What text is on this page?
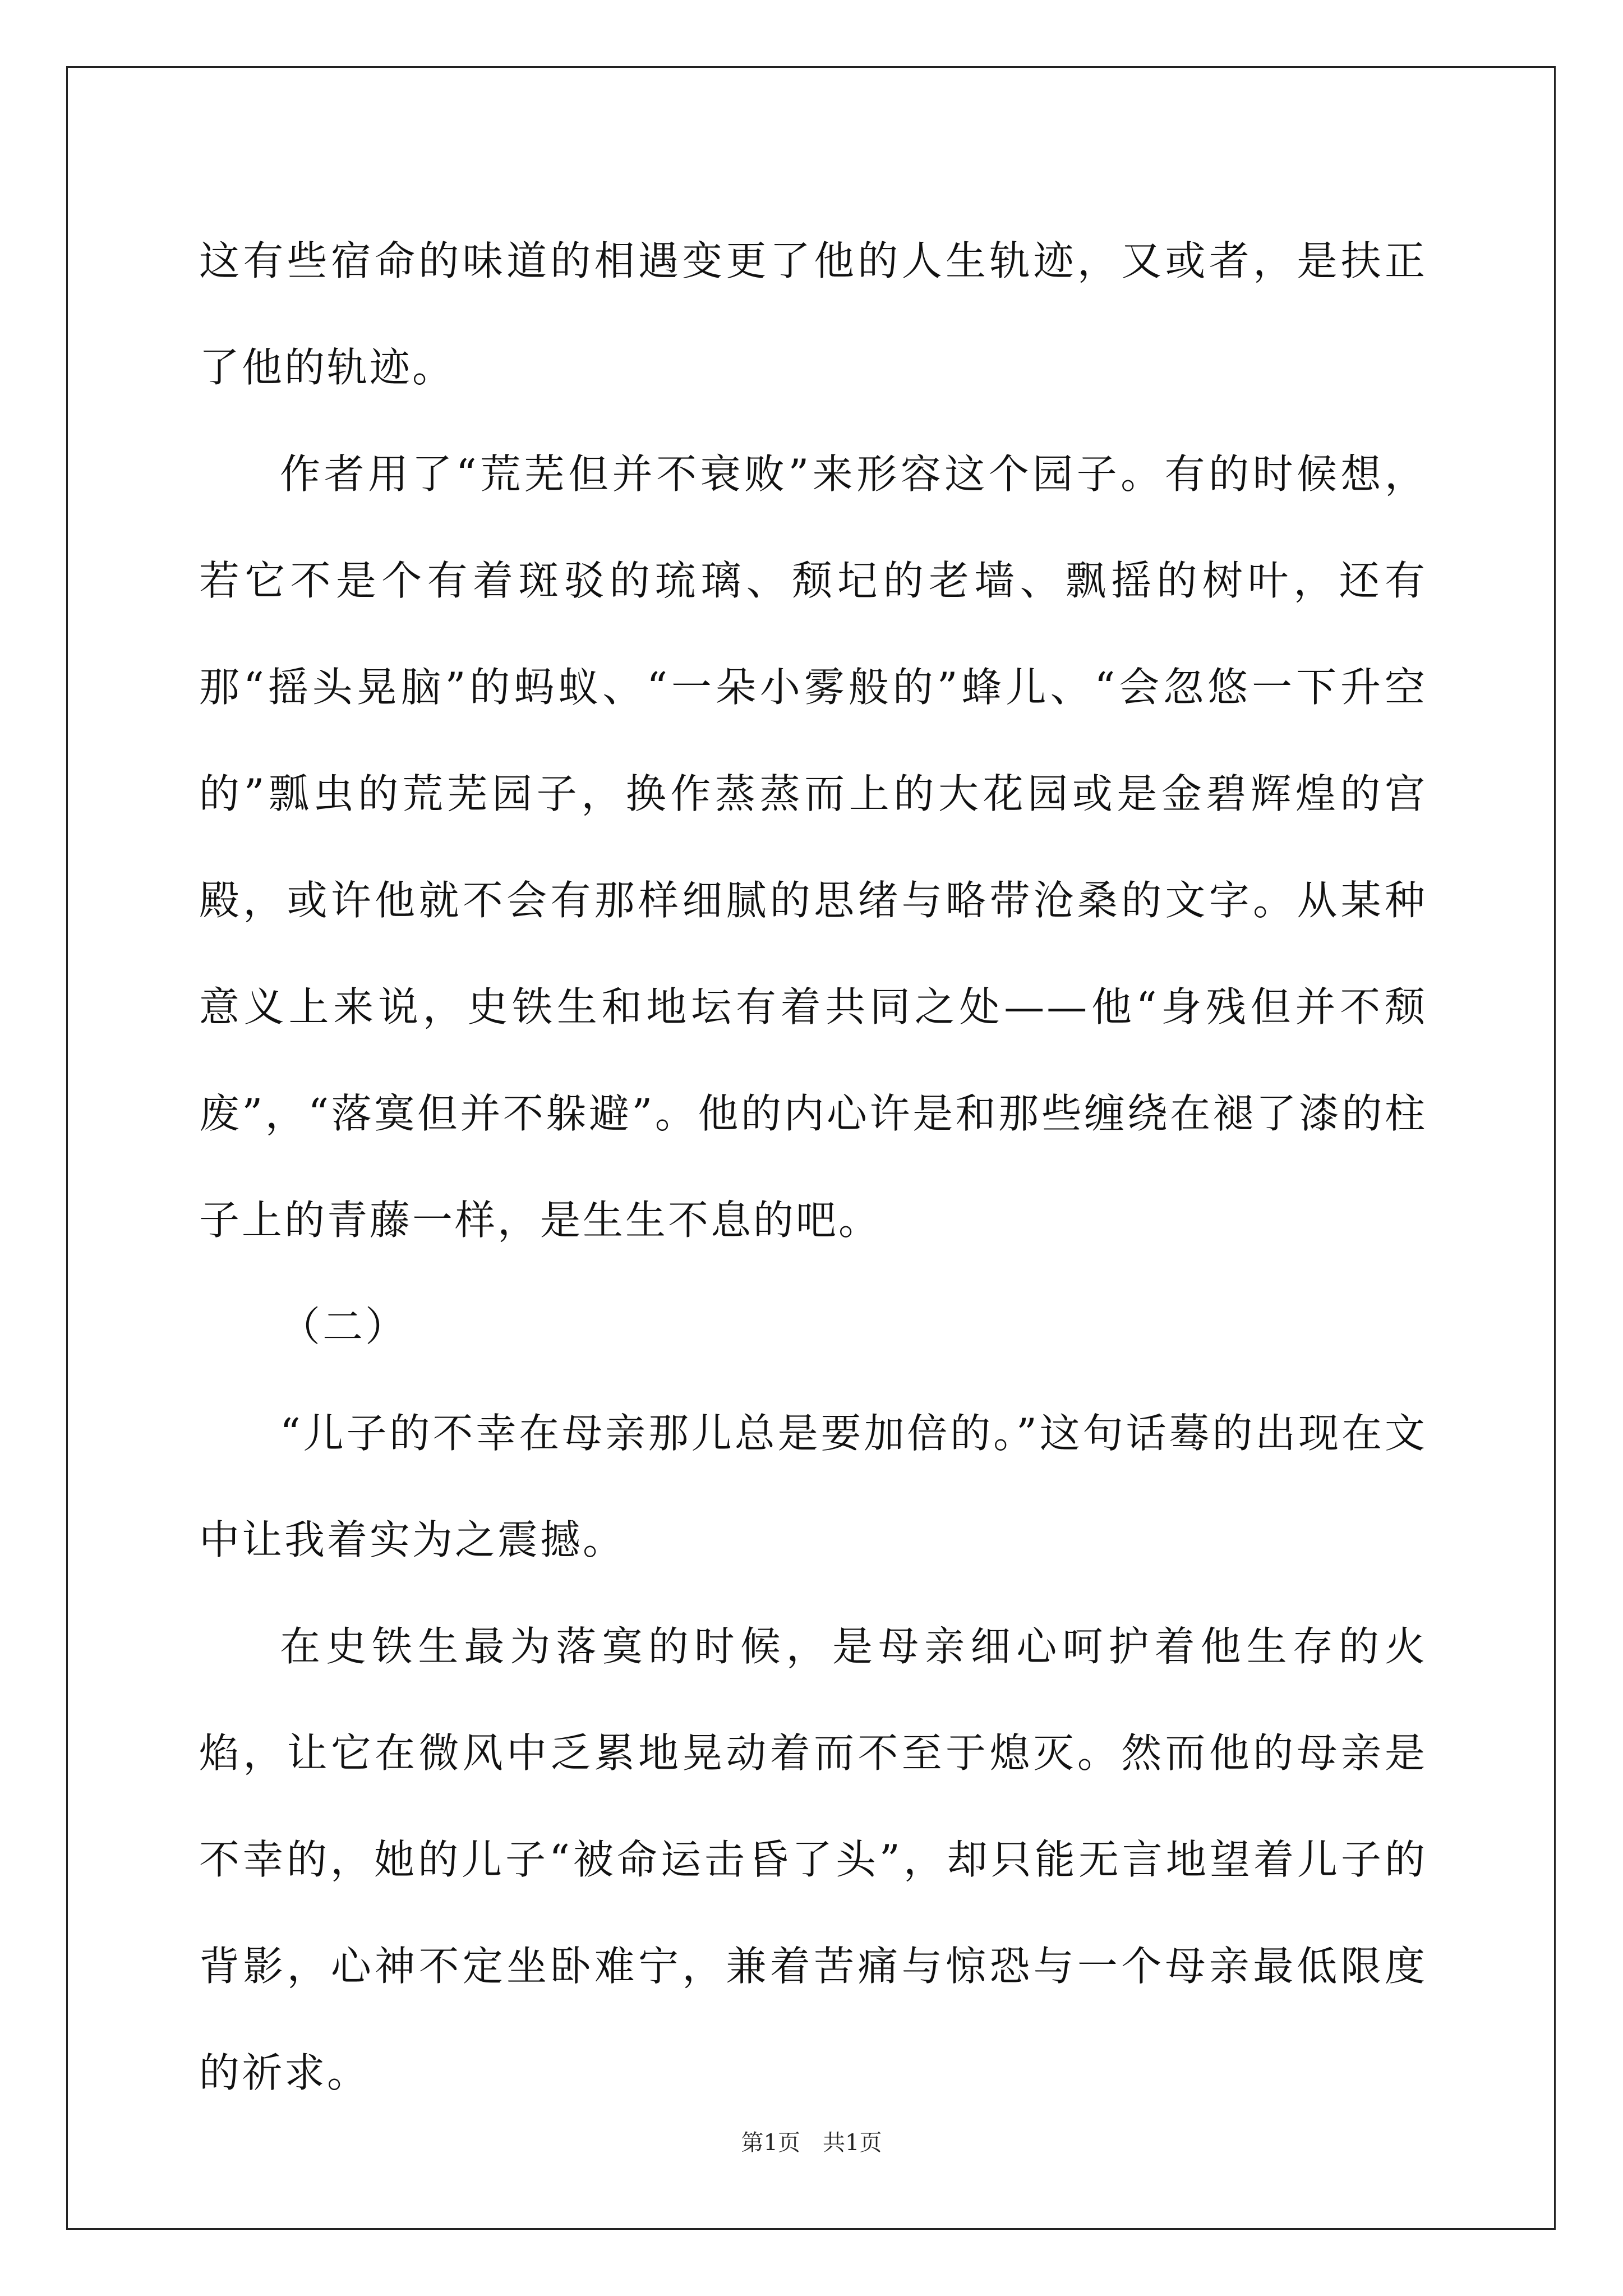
这有些宿命的味道的相遇变更了他的人生轨迹，又或者，是扶正了他的轨迹。

作者用了“荒芜但并不衰败”来形容这个园子。有的时候想，若它不是个有着斑驳的琉璃、颓圮的老墙、飘摇的树叶，还有那“摇头晃脑”的蚂蚁、“一朵小雾般的”蜂儿、“会忽悠一下升空的”瓢虫的荒芜园子，换作蒸蒸而上的大花园或是金碧辉煌的宫殿，或许他就不会有那样细腻的思绪与略带沧桑的文字。从某种意义上来说，史铁生和地坛有着共同之处——他“身残但并不颓废”，“落寞但并不躲避”。他的内心许是和那些缠绕在褪了漆的柱子上的青藤一样，是生生不息的吧。

（二）

“儿子的不幸在母亲那儿总是要加倍的。”这句话蓦的出现在文中让我着实为之震撼。

在史铁生最为落寞的时候，是母亲细心呵护着他生存的火焰，让它在微风中乏累地晃动着而不至于熄灭。然而他的母亲是不幸的，她的儿子“被命运击昏了头”，却只能无言地望着儿子的背影，心神不定坐卧难宁，兼着苦痛与惊恐与一个母亲最低限度的祈求。

第1页 共1页
